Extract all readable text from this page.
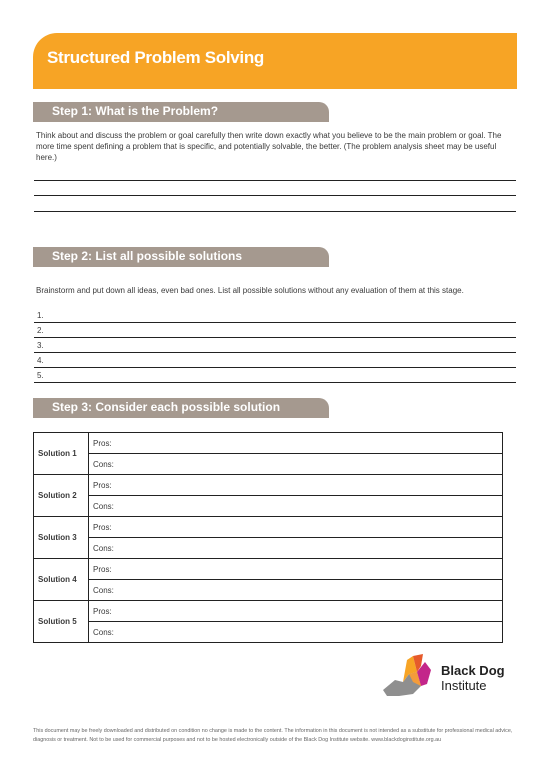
Structured Problem Solving
Step 1: What is the Problem?
Think about and discuss the problem or goal carefully then write down exactly what you believe to be the main problem or goal. The more time spent defining a problem that is specific, and potentially solvable, the better. (The problem analysis sheet may be useful here.)
Step 2: List all possible solutions
Brainstorm and put down all ideas, even bad ones. List all possible solutions without any evaluation of them at this stage.
1.
2.
3.
4.
5.
Step 3: Consider each possible solution
Solution 1	Pros:
	Cons:
Solution 2	Pros:
	Cons:
Solution 3	Pros:
	Cons:
Solution 4	Pros:
	Cons:
Solution 5	Pros:
	Cons:
Black Dog
Institute
This document may be freely downloaded and distributed on condition no change is made to the content. The information in this document is not intended as a substitute for professional medical advice, diagnosis or treatment. Not to be used for commercial purposes and not to be hosted electronically outside of the Black Dog Institute website. www.blackdoginstitute.org.au
